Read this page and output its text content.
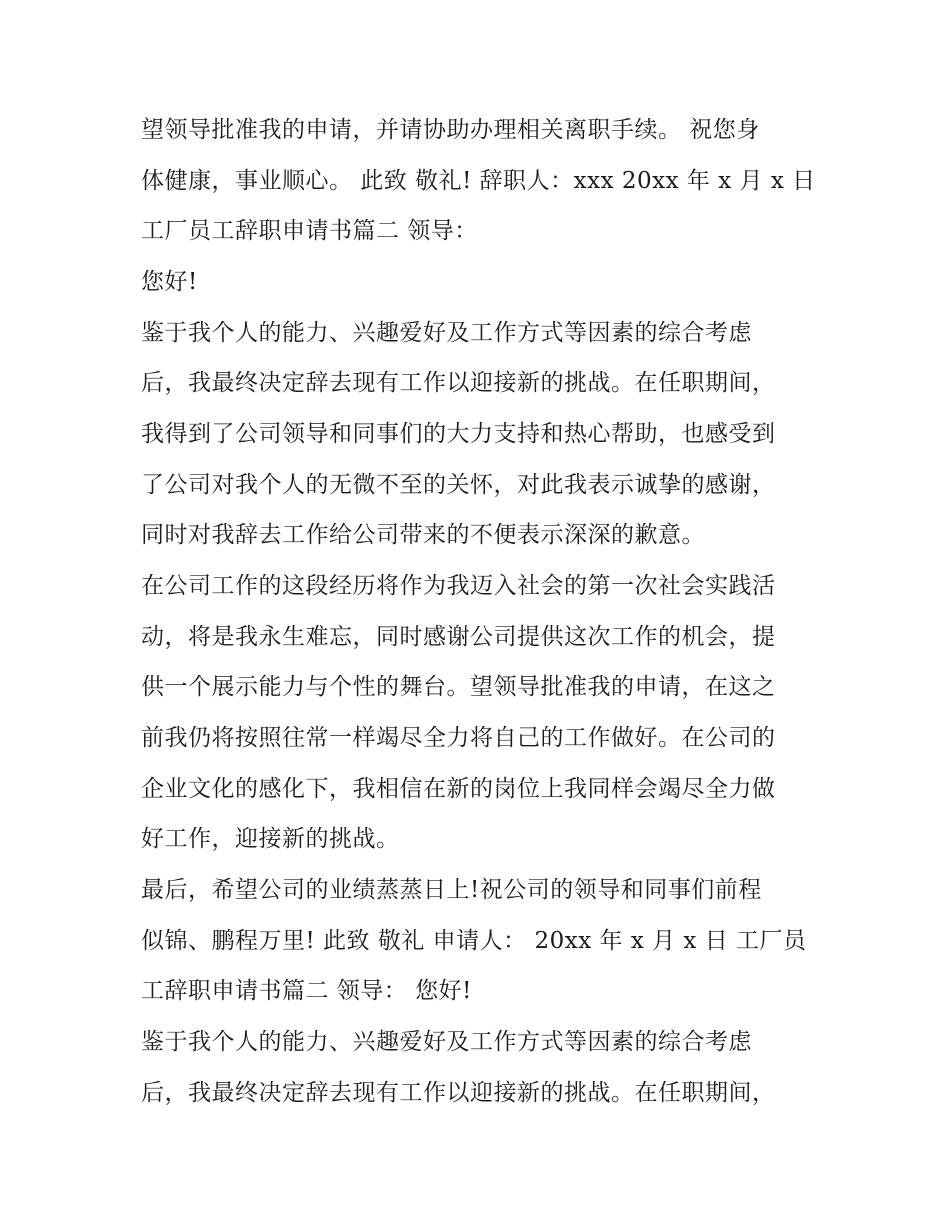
望领导批准我的申请，并请协助办理相关离职手续。 祝您身
体健康，事业顺心。 此致 敬礼! 辞职人：xxx 20xx 年 x 月 x 日
工厂员工辞职申请书篇二 领导：
您好!
鉴于我个人的能力、兴趣爱好及工作方式等因素的综合考虑
后，我最终决定辞去现有工作以迎接新的挑战。在任职期间，
我得到了公司领导和同事们的大力支持和热心帮助，也感受到
了公司对我个人的无微不至的关怀，对此我表示诚挚的感谢，
同时对我辞去工作给公司带来的不便表示深深的歉意。
在公司工作的这段经历将作为我迈入社会的第一次社会实践活
动，将是我永生难忘，同时感谢公司提供这次工作的机会，提
供一个展示能力与个性的舞台。望领导批准我的申请，在这之
前我仍将按照往常一样竭尽全力将自己的工作做好。在公司的
企业文化的感化下，我相信在新的岗位上我同样会竭尽全力做
好工作，迎接新的挑战。
最后，希望公司的业绩蒸蒸日上!祝公司的领导和同事们前程
似锦、鹏程万里! 此致 敬礼 申请人： 20xx 年 x 月 x 日 工厂员
工辞职申请书篇二 领导： 您好!
鉴于我个人的能力、兴趣爱好及工作方式等因素的综合考虑
后，我最终决定辞去现有工作以迎接新的挑战。在任职期间，
